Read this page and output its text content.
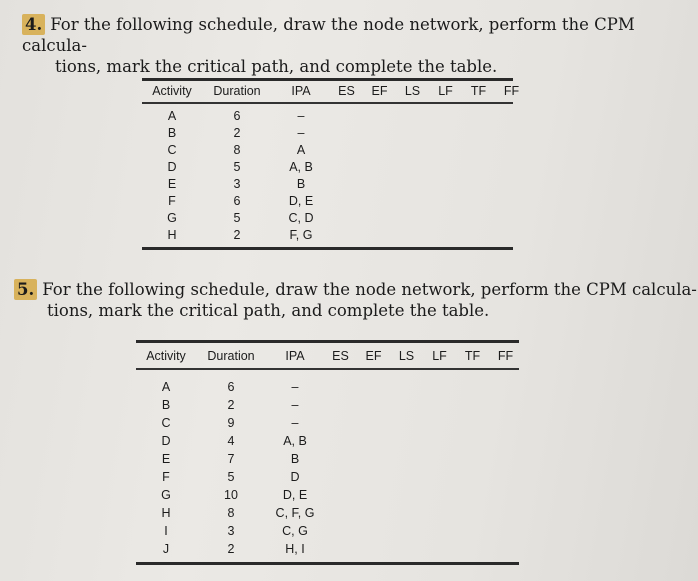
4. For the following schedule, draw the node network, perform the CPM calcula-
tions, mark the critical path, and complete the table.
Activity	Duration	IPA	ES	EF	LS	LF	TF	FF

A	6	–						
B	2	–						
C	8	A						
D	5	A, B						
E	3	B						
F	6	D, E						
G	5	C, D						
H	2	F, G						
5. For the following schedule, draw the node network, perform the CPM calcula-
tions, mark the critical path, and complete the table.
Activity	Duration	IPA	ES	EF	LS	LF	TF	FF

A	6	–						
B	2	–						
C	9	–						
D	4	A, B						
E	7	B						
F	5	D						
G	10	D, E						
H	8	C, F, G						
I	3	C, G						
J	2	H, I						
